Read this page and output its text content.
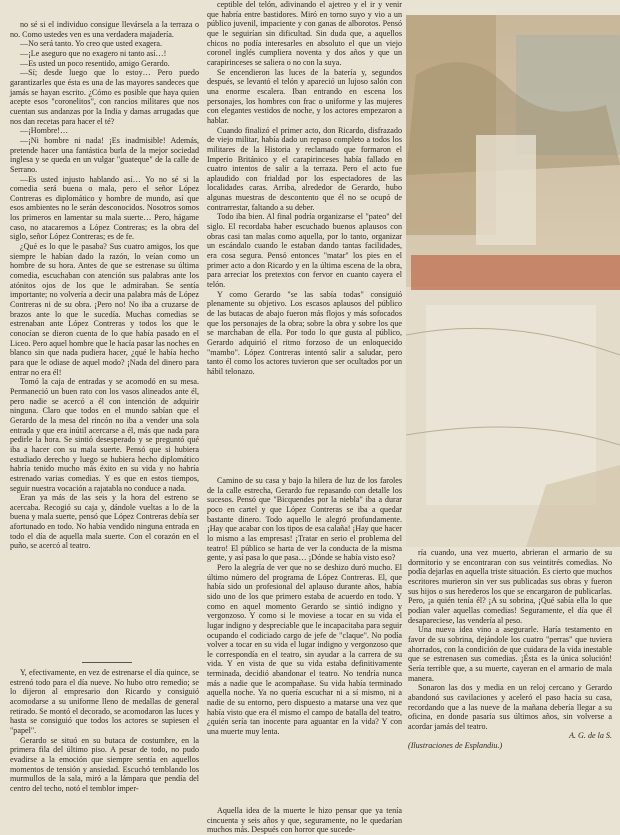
no sé si el individuo consigue llevársela a la terraza o no. Como ustedes ven es una verdadera majadería.

—No será tanto. Yo creo que usted exagera.

—¡Le aseguro que no exagero ni tanto así…!

—Es usted un poco resentido, amigo Gerardo.

—Sí; desde luego que lo estoy… Pero puedo garantizarles que ésta es una de las mayores sandeces que jamás se hayan escrito. ¿Cómo es posible que haya quien acepte esos "coronelitos", con rancios militares que nos cuentan sus andanzas por la India y damas arrugadas que nos dan recetas para hacer el té?

—¡Hombre!…

—¡Ni hombre ni nada! ¡Es inadmisible! Además, pretende hacer una fantástica burla de la mejor sociedad inglesa y se queda en un vulgar "guateque" de la calle de Serrano.

—Es usted injusto hablando así… Yo no sé si la comedia será buena o mala, pero el señor López Contreras es diplomático y hombre de mundo, así que esos ambientes no le serán desconocidos. Nosotros somos los primeros en lamentar su mala suerte… Pero, hágame caso, no atacaremos a López Contreras; es la obra del siglo, señor López Contreras; es de fe.

¿Qué es lo que le pasaba? Sus cuatro amigos, los que siempre le habían dado la razón, lo veían como un hombre de su hora. Antes de que se estrenase su última comedia, escuchaban con atención sus palabras ante los atónitos ojos de los que le admiraban. Se sentía importante; no volvería a decir una palabra más de López Contreras ni de su obra. ¡Pero no! No iba a cruzarse de brazos ante lo que le sucedía. Muchas comedias se estrenaban ante López Contreras y todos los que le conocían se dieron cuenta de lo que había pasado en el Liceo. Pero aquel hombre que le hacía pasar las noches en blanco sin que nada pudiera hacer, ¿qué le había hecho para que le odiase de aquel modo? ¡Nada del dinero para entrar no era él!

Tomó la caja de entradas y se acomodó en su mesa. Permaneció un buen rato con los vasos alineados ante él, pero nadie se acercó a él con intención de adquirir ninguna. Claro que todos en el mundo sabían que el Gerardo de la mesa del rincón no iba a vender una sola entrada y que era inútil acercarse a él, más que nada para pedirle la hora. Se sintió desesperado y se preguntó qué iba a hacer con su mala suerte. Pensó que si hubiera estudiado derecho y luego se hubiera hecho diplomático habría tenido mucho más éxito en su vida y no habría estrenado varias comedias. Y es que en estos tiempos, seguir nuestra vocación a rajatabla no conduce a nada.

Eran ya más de las seis y la hora del estreno se acercaba. Recogió su caja y, dándole vueltas a lo de la buena y mala suerte, pensó que López Contreras debía ser afortunado en todo. No había vendido ninguna entrada en todo el día de aquella mala suerte. Con el corazón en el puño, se acercó al teatro.

Y, efectivamente, en vez de estrenarse el día quince, se estrenó todo para el día nueve. No hubo otro remedio; se lo dijeron al empresario don Ricardo y consiguió acomodarse a su uniforme lleno de medallas de general retirado. Se montó el decorado, se acomodaron las luces y hasta se consiguió que todos los actores se supiesen el "papel".

Gerardo se situó en su butaca de costumbre, en la primera fila del último piso. A pesar de todo, no pudo evadirse a la emoción que siempre sentía en aquellos momentos de tensión y ansiedad. Escuchó temblando los murmullos de la sala, miró a la lámpara que pendía del centro del techo, notó el temblor imper-

ceptible del telón, adivinando el ajetreo y el ir y venir que habría entre bastidores. Miró en torno suyo y vio a un público juvenil, impaciente y con ganas de alborotos. Pensó que le seguirían sin dificultad. Sin duda que, a aquellos chicos no podía interesarles en absoluto el que un viejo coronel inglés cumpliera noventa y dos años y que un carapirinceses se saliera o no con la suya.

Se encendieron las luces de la batería y, segundos después, se levantó el telón y apareció un lujoso salón con una enorme escalera. Iban entrando en escena los personajes, los hombres con frac o uniforme y las mujeres con elegantes vestidos de noche, y los actores empezaron a hablar.

Cuando finalizó el primer acto, don Ricardo, disfrazado de viejo militar, había dado un repaso completo a todos los militares de la Historia y reclamado que formaron el Imperio Británico y el carapirinceses había fallado en cuatro intentos de salir a la terraza. Pero el acto fue aplaudido con frialdad por los espectadores de las localidades caras. Arriba, alrededor de Gerardo, hubo algunas muestras de descontento que él no se ocupó de contrarrestar, faltando a su deber.

Todo iba bien. Al final podría organizarse el "pateo" del siglo. El recordaba haber escuchado buenos aplausos con obras casi tan malas como aquella, por lo tanto, organizar un escándalo cuando le estaban dando tantas facilidades, era cosa segura. Pensó entonces "matar" los pies en el primer acto a don Ricardo y en la última escena de la obra, para arreciar los pretextos con fervor en cuanto cayera el telón.

Y como Gerardo "se las sabía todas" consiguió plenamente su objetivo. Los escasos aplausos del público de las butacas de abajo fueron más flojos y más sofocados que los personajes de la obra; sobre la obra y sobre los que se marchaban de ella. Por todo lo que gusta al público, Gerardo adquirió el ritmo forzoso de un enloquecido "mambo". López Contreras intentó salir a saludar, pero tanto él como los actores tuvieron que ser ocultados por un hábil telonazo.

Camino de su casa y bajo la hilera de luz de los faroles de la calle estrecha, Gerardo fue repasando con detalle los sucesos. Pensó que "Bicquendes por la niebla" iba a durar poco en cartel y que López Contreras se iba a quedar bastante dinero. Todo aquello le alegró profundamente. ¡Hay que acabar con los tipos de esa calaña! ¡Hay que hacer lo mismo a las empresas! ¡Tratar en serio el problema del teatro! El público se harta de ver la conducta de la misma gente, y así pasa lo que pasa… ¡Dónde se había visto eso?

Pero la alegría de ver que no se deshizo duró mucho. El último número del programa de López Contreras. El, que había sido un profesional del aplauso durante años, había sido uno de los que primero estaba de acuerdo en todo. Y como en aquel momento Gerardo se sintió indigno y vergonzoso. Y como si le moviese a tocar en su vida el lugar indigno y despreciable que le incapacitaba para seguir ocupando el codiciado cargo de jefe de "claque". No podía volver a tocar en su vida el lugar indigno y vergonzoso que le correspondía en el teatro, sin ayudar a la carrera de su vida. Y en vista de que su vida estaba definitivamente terminada, decidió abandonar el teatro. No tendría nunca más a nadie que le acompañase. Su vida había terminado aquella noche. Ya no quería escuchar ni a sí mismo, ni a nadie de su entorno, pero dispuesto a matarse una vez que había visto que era él mismo el campo de batalla del teatro, ¿quién sería tan inocente para aguantar en la vida? Y con una muerte muy lenta.

Aquella idea de la muerte le hizo pensar que ya tenía cincuenta y seis años y que, seguramente, no le quedarían muchos más. Después con horror que sucede-

ría cuando, una vez muerto, abrieran el armario de su dormitorio y se encontraran con sus veintitrés comedias. No podía dejarlas en aquella triste situación. Es cierto que muchos escritores murieron sin ver sus publicadas sus obras y fueron sus hijos o sus herederos los que se encargaron de publicarlas. Pero, ¡a quién tenía él? ¡A su sobrina, ¡Qué sabía ella lo que podían valer aquellas comedias! Seguramente, el día que él desapareciese, las vendería al peso.

Una nueva idea vino a asegurarle. Haría testamento en favor de su sobrina, dejándole los cuatro "perras" que tuviera ahorrados, con la condición de que cuidara de la vida inestable que se estrenasen sus comedias. ¡Ésta es la única solución! Sería terrible que, a su muerte, cayeran en el armario de mala manera.

Sonaron las dos y media en un reloj cercano y Gerardo abandonó sus cavilaciones y aceleró el paso hacia su casa, recordando que a las nueve de la mañana debería llegar a su oficina, en donde pasaría sus últimos años, sin volverse a acordar jamás del teatro.

A. G. de la S.

(Ilustraciones de Esplandiu.)
